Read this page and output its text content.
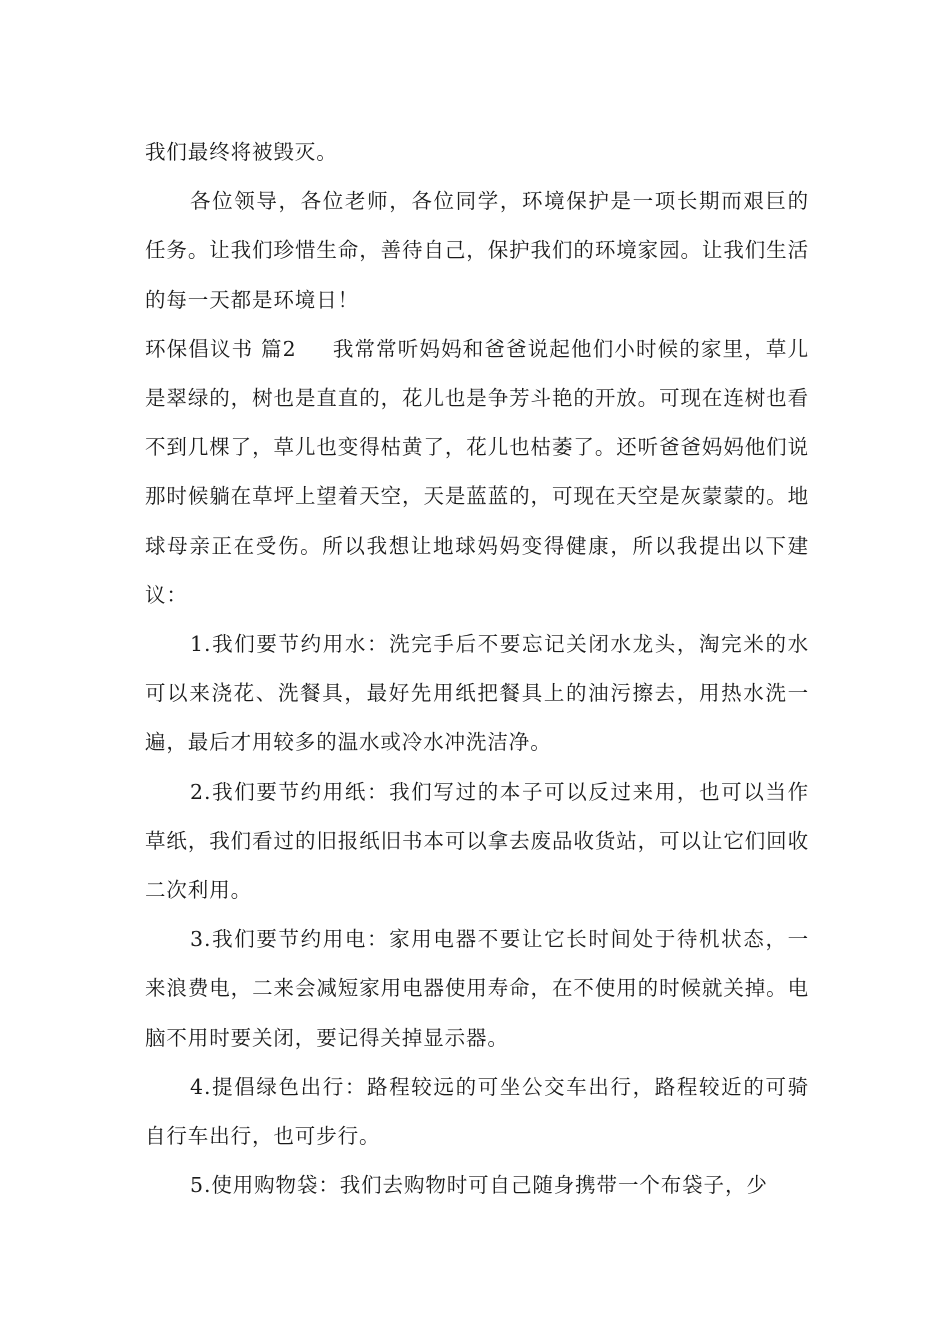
我们最终将被毁灭。

各位领导，各位老师，各位同学，环境保护是一项长期而艰巨的任务。让我们珍惜生命，善待自己，保护我们的环境家园。让我们生活的每一天都是环境日！

环保倡议书 篇2 我常常听妈妈和爸爸说起他们小时候的家里，草儿是翠绿的，树也是直直的，花儿也是争芳斗艳的开放。可现在连树也看不到几棵了，草儿也变得枯黄了，花儿也枯萎了。还听爸爸妈妈他们说那时候躺在草坪上望着天空，天是蓝蓝的，可现在天空是灰蒙蒙的。地球母亲正在受伤。所以我想让地球妈妈变得健康，所以我提出以下建议：

1.我们要节约用水：洗完手后不要忘记关闭水龙头，淘完米的水可以来浇花、洗餐具，最好先用纸把餐具上的油污擦去，用热水洗一遍，最后才用较多的温水或冷水冲洗洁净。

2.我们要节约用纸：我们写过的本子可以反过来用，也可以当作草纸，我们看过的旧报纸旧书本可以拿去废品收货站，可以让它们回收二次利用。

3.我们要节约用电：家用电器不要让它长时间处于待机状态，一来浪费电，二来会减短家用电器使用寿命，在不使用的时候就关掉。电脑不用时要关闭，要记得关掉显示器。

4.提倡绿色出行：路程较远的可坐公交车出行，路程较近的可骑自行车出行，也可步行。

5.使用购物袋：我们去购物时可自己随身携带一个布袋子，少
